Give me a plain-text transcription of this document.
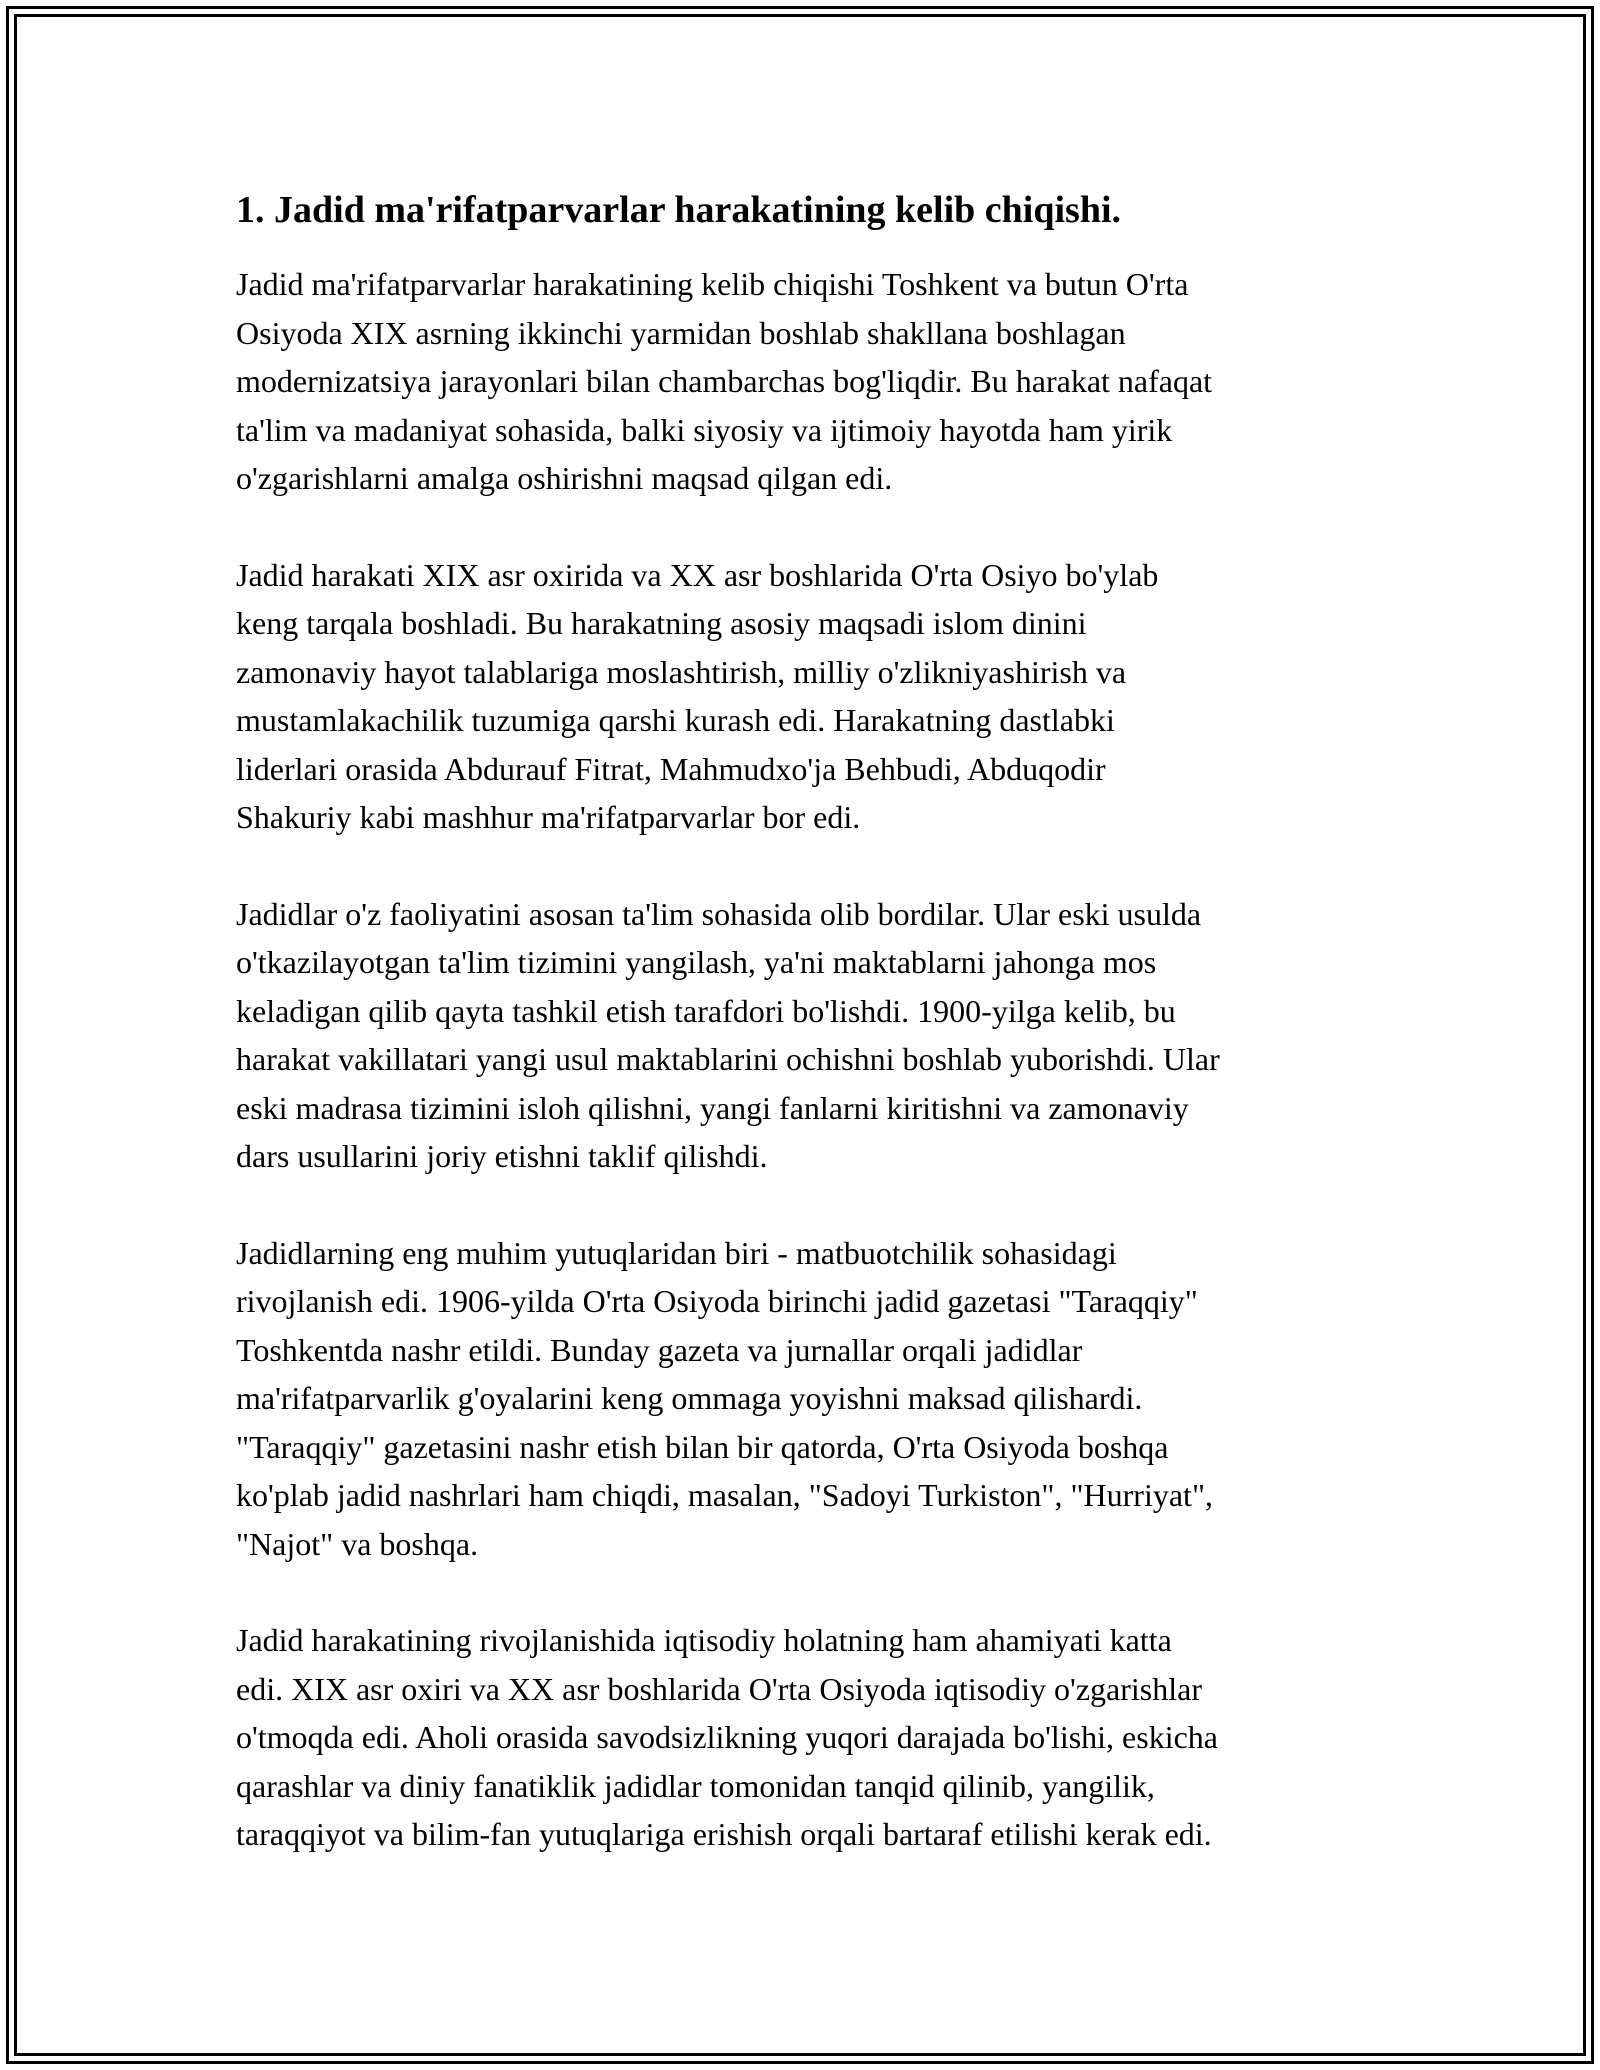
1. Jadid ma'rifatparvarlar harakatining kelib chiqishi.

Jadid ma'rifatparvarlar harakatining kelib chiqishi Toshkent va butun O'rta
Osiyoda XIX asrning ikkinchi yarmidan boshlab shakllana boshlagan
modernizatsiya jarayonlari bilan chambarchas bog'liqdir. Bu harakat nafaqat
ta'lim va madaniyat sohasida, balki siyosiy va ijtimoiy hayotda ham yirik
o'zgarishlarni amalga oshirishni maqsad qilgan edi.

Jadid harakati XIX asr oxirida va XX asr boshlarida O'rta Osiyo bo'ylab
keng tarqala boshladi. Bu harakatning asosiy maqsadi islom dinini
zamonaviy hayot talablariga moslashtirish, milliy o'zlikniyashirish va
mustamlakachilik tuzumiga qarshi kurash edi. Harakatning dastlabki
liderlari orasida Abdurauf Fitrat, Mahmudxo'ja Behbudi, Abduqodir
Shakuriy kabi mashhur ma'rifatparvarlar bor edi.

Jadidlar o'z faoliyatini asosan ta'lim sohasida olib bordilar. Ular eski usulda
o'tkazilayotgan ta'lim tizimini yangilash, ya'ni maktablarni jahonga mos
keladigan qilib qayta tashkil etish tarafdori bo'lishdi. 1900-yilga kelib, bu
harakat vakillatari yangi usul maktablarini ochishni boshlab yuborishdi. Ular
eski madrasa tizimini isloh qilishni, yangi fanlarni kiritishni va zamonaviy
dars usullarini joriy etishni taklif qilishdi.

Jadidlarning eng muhim yutuqlaridan biri - matbuotchilik sohasidagi
rivojlanish edi. 1906-yilda O'rta Osiyoda birinchi jadid gazetasi "Taraqqiy"
Toshkentda nashr etildi. Bunday gazeta va jurnallar orqali jadidlar
ma'rifatparvarlik g'oyalarini keng ommaga yoyishni maksad qilishardi.
"Taraqqiy" gazetasini nashr etish bilan bir qatorda, O'rta Osiyoda boshqa
ko'plab jadid nashrlari ham chiqdi, masalan, "Sadoyi Turkiston", "Hurriyat",
"Najot" va boshqa.

Jadid harakatining rivojlanishida iqtisodiy holatning ham ahamiyati katta
edi. XIX asr oxiri va XX asr boshlarida O'rta Osiyoda iqtisodiy o'zgarishlar
o'tmoqda edi. Aholi orasida savodsizlikning yuqori darajada bo'lishi, eskicha
qarashlar va diniy fanatiklik jadidlar tomonidan tanqid qilinib, yangilik,
taraqqiyot va bilim-fan yutuqlariga erishish orqali bartaraf etilishi kerak edi.
